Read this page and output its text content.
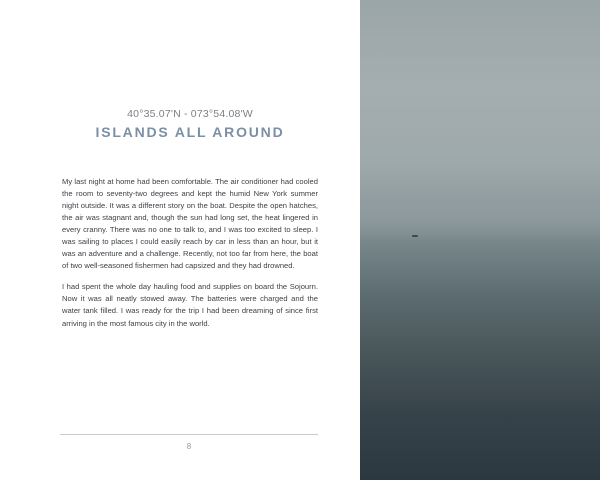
40°35.07'N - 073°54.08'W
ISLANDS ALL AROUND

My last night at home had been comfortable. The air conditioner had cooled the room to seventy-two degrees and kept the humid New York summer night outside. It was a different story on the boat. Despite the open hatches, the air was stagnant and, though the sun had long set, the heat lingered in every cranny. There was no one to talk to, and I was too excited to sleep. I was sailing to places I could easily reach by car in less than an hour, but it was an adventure and a challenge. Recently, not too far from here, the boat of two well-seasoned fishermen had capsized and they had drowned.

I had spent the whole day hauling food and supplies on board the Sojourn. Now it was all neatly stowed away. The batteries were charged and the water tank filled. I was ready for the trip I had been dreaming of since first arriving in the most famous city in the world.

8
